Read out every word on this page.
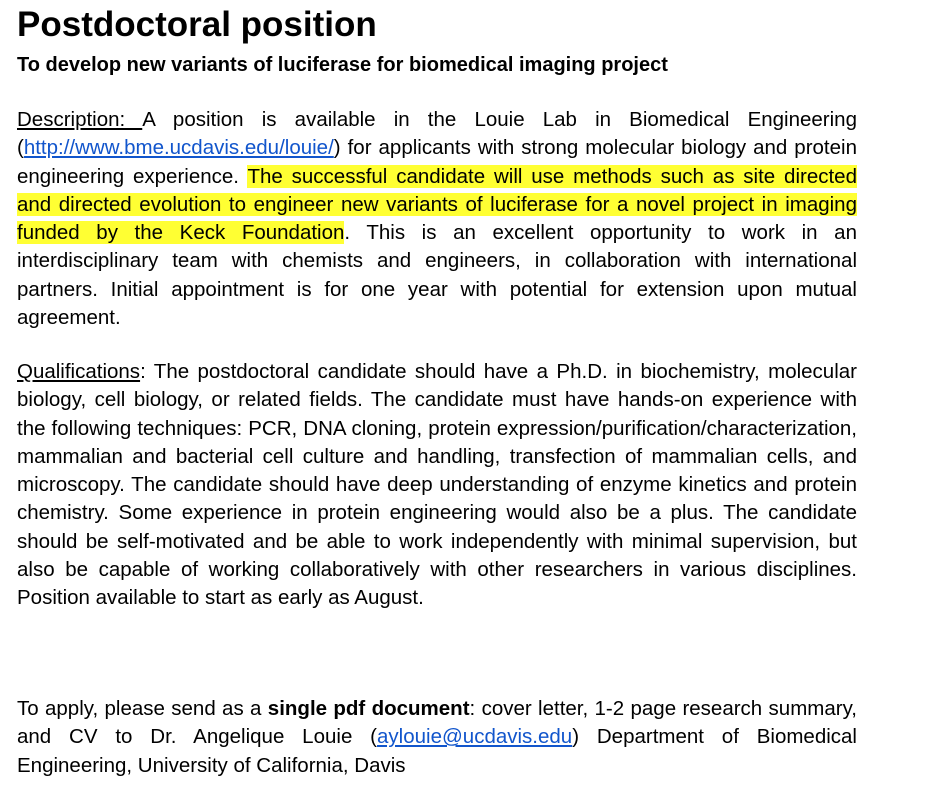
Postdoctoral position

To develop new variants of luciferase for biomedical imaging project

Description: A position is available in the Louie Lab in Biomedical Engineering (http://www.bme.ucdavis.edu/louie/) for applicants with strong molecular biology and protein engineering experience. The successful candidate will use methods such as site directed and directed evolution to engineer new variants of luciferase for a novel project in imaging funded by the Keck Foundation. This is an excellent opportunity to work in an interdisciplinary team with chemists and engineers, in collaboration with international partners. Initial appointment is for one year with potential for extension upon mutual agreement.

Qualifications: The postdoctoral candidate should have a Ph.D. in biochemistry, molecular biology, cell biology, or related fields. The candidate must have hands-on experience with the following techniques: PCR, DNA cloning, protein expression/purification/characterization, mammalian and bacterial cell culture and handling, transfection of mammalian cells, and microscopy. The candidate should have deep understanding of enzyme kinetics and protein chemistry. Some experience in protein engineering would also be a plus. The candidate should be self-motivated and be able to work independently with minimal supervision, but also be capable of working collaboratively with other researchers in various disciplines. Position available to start as early as August.

To apply, please send as a single pdf document: cover letter, 1-2 page research summary, and CV to Dr. Angelique Louie (aylouie@ucdavis.edu) Department of Biomedical Engineering, University of California, Davis
